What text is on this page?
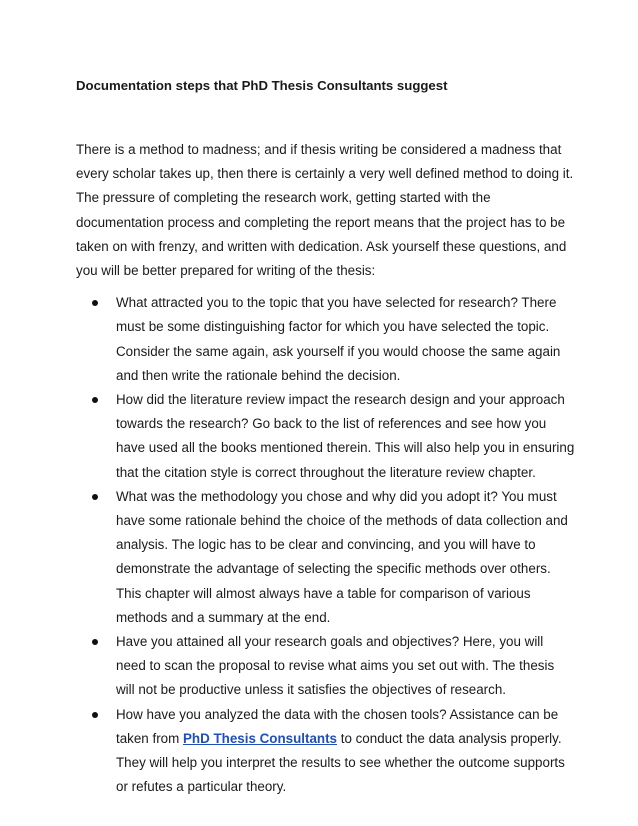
Documentation steps that PhD Thesis Consultants suggest

There is a method to madness; and if thesis writing be considered a madness that every scholar takes up, then there is certainly a very well defined method to doing it. The pressure of completing the research work, getting started with the documentation process and completing the report means that the project has to be taken on with frenzy, and written with dedication. Ask yourself these questions, and you will be better prepared for writing of the thesis:

What attracted you to the topic that you have selected for research? There must be some distinguishing factor for which you have selected the topic. Consider the same again, ask yourself if you would choose the same again and then write the rationale behind the decision.
How did the literature review impact the research design and your approach towards the research? Go back to the list of references and see how you have used all the books mentioned therein. This will also help you in ensuring that the citation style is correct throughout the literature review chapter.
What was the methodology you chose and why did you adopt it? You must have some rationale behind the choice of the methods of data collection and analysis. The logic has to be clear and convincing, and you will have to demonstrate the advantage of selecting the specific methods over others. This chapter will almost always have a table for comparison of various methods and a summary at the end.
Have you attained all your research goals and objectives? Here, you will need to scan the proposal to revise what aims you set out with. The thesis will not be productive unless it satisfies the objectives of research.
How have you analyzed the data with the chosen tools? Assistance can be taken from PhD Thesis Consultants to conduct the data analysis properly. They will help you interpret the results to see whether the outcome supports or refutes a particular theory.
